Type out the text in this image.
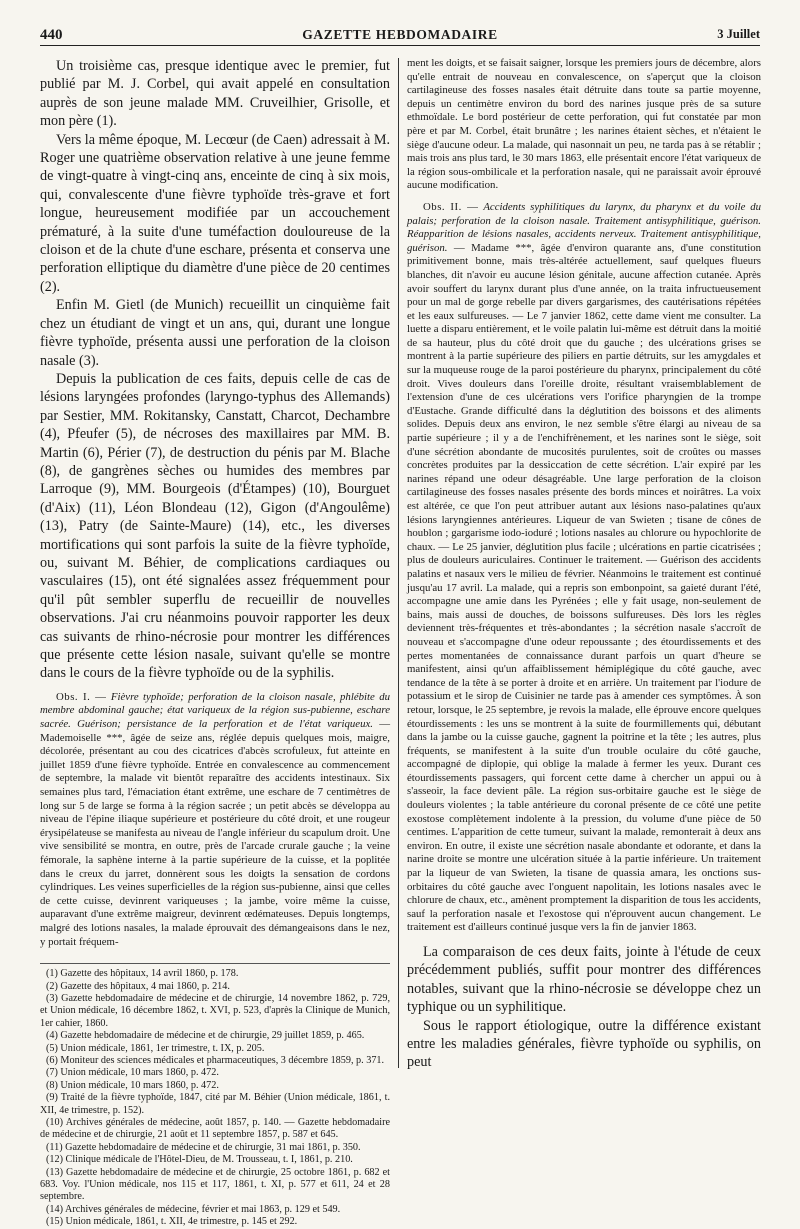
440	GAZETTE HEBDOMADAIRE	3 Juillet

Un troisième cas, presque identique avec le premier, fut publié par M. J. Corbel, qui avait appelé en consultation auprès de son jeune malade MM. Cruveilhier, Grisolle, et mon père (1).

Vers la même époque, M. Lecœur (de Caen) adressait à M. Roger une quatrième observation relative à une jeune femme de vingt-quatre à vingt-cinq ans, enceinte de cinq à six mois, qui, convalescente d'une fièvre typhoïde très-grave et fort longue, heureusement modifiée par un accouchement prématuré, à la suite d'une tuméfaction douloureuse de la cloison et de la chute d'une eschare, présenta et conserva une perforation elliptique du diamètre d'une pièce de 20 centimes (2).

Enfin M. Gietl (de Munich) recueillit un cinquième fait chez un étudiant de vingt et un ans, qui, durant une longue fièvre typhoïde, présenta aussi une perforation de la cloison nasale (3).

Depuis la publication de ces faits, depuis celle de cas de lésions laryngées profondes (laryngo-typhus des Allemands) par Sestier, MM. Rokitansky, Canstatt, Charcot, Dechambre (4), Pfeufer (5), de nécroses des maxillaires par MM. B. Martin (6), Périer (7), de destruction du pénis par M. Blache (8), de gangrènes sèches ou humides des membres par Larroque (9), MM. Bourgeois (d'Étampes) (10), Bourguet (d'Aix) (11), Léon Blondeau (12), Gigon (d'Angoulême) (13), Patry (de Sainte-Maure) (14), etc., les diverses mortifications qui sont parfois la suite de la fièvre typhoïde, ou, suivant M. Béhier, de complications cardiaques ou vasculaires (15), ont été signalées assez fréquemment pour qu'il pût sembler superflu de recueillir de nouvelles observations. J'ai cru néanmoins pouvoir rapporter les deux cas suivants de rhino-nécrosie pour montrer les différences que présente cette lésion nasale, suivant qu'elle se montre dans le cours de la fièvre typhoïde ou de la syphilis.

Obs. I. — Fièvre typhoïde; perforation de la cloison nasale, phlébite du membre abdominal gauche; état variqueux de la région sus-pubienne, eschare sacrée. Guérison; persistance de la perforation et de l'état variqueux. — Mademoiselle ***, âgée de seize ans, réglée depuis quelques mois, maigre, décolorée, présentant au cou des cicatrices d'abcès scrofuleux, fut atteinte en juillet 1859 d'une fièvre typhoïde. Entrée en convalescence au commencement de septembre, la malade vit bientôt reparaître des accidents intestinaux. Six semaines plus tard, l'émaciation étant extrême, une eschare de 7 centimètres de long sur 5 de large se forma à la région sacrée ; un petit abcès se développa au niveau de l'épine iliaque supérieure et postérieure du côté droit, et une rougeur érysipélateuse se manifesta au niveau de l'angle inférieur du scapulum droit. Une vive sensibilité se montra, en outre, près de l'arcade crurale gauche ; la veine fémorale, la saphène interne à la partie supérieure de la cuisse, et la poplitée dans le creux du jarret, donnèrent sous les doigts la sensation de cordons cylindriques. Les veines superficielles de la région sus-pubienne, ainsi que celles de cette cuisse, devinrent variqueuses ; la jambe, voire même la cuisse, auparavant d'une extrême maigreur, devinrent œdémateuses. Depuis longtemps, malgré des lotions nasales, la malade éprouvait des démangeaisons dans le nez, y portait fréquem-

(1) Gazette des hôpitaux, 14 avril 1860, p. 178.

(2) Gazette des hôpitaux, 4 mai 1860, p. 214.

(3) Gazette hebdomadaire de médecine et de chirurgie, 14 novembre 1862, p. 729, et Union médicale, 16 décembre 1862, t. XVI, p. 523, d'après la Clinique de Munich, 1er cahier, 1860.

(4) Gazette hebdomadaire de médecine et de chirurgie, 29 juillet 1859, p. 465.

(5) Union médicale, 1861, 1er trimestre, t. IX, p. 205.

(6) Moniteur des sciences médicales et pharmaceutiques, 3 décembre 1859, p. 371.

(7) Union médicale, 10 mars 1860, p. 472.

(8) Union médicale, 10 mars 1860, p. 472.

(9) Traité de la fièvre typhoïde, 1847, cité par M. Béhier (Union médicale, 1861, t. XII, 4e trimestre, p. 152).

(10) Archives générales de médecine, août 1857, p. 140. — Gazette hebdomadaire de médecine et de chirurgie, 21 août et 11 septembre 1857, p. 587 et 645.

(11) Gazette hebdomadaire de médecine et de chirurgie, 31 mai 1861, p. 350.

(12) Clinique médicale de l'Hôtel-Dieu, de M. Trousseau, t. I, 1861, p. 210.

(13) Gazette hebdomadaire de médecine et de chirurgie, 25 octobre 1861, p. 682 et 683. Voy. l'Union médicale, nos 115 et 117, 1861, t. XI, p. 577 et 611, 24 et 28 septembre.

(14) Archives générales de médecine, février et mai 1863, p. 129 et 549.

(15) Union médicale, 1861, t. XII, 4e trimestre, p. 145 et 292.

ment les doigts, et se faisait saigner, lorsque les premiers jours de décembre, alors qu'elle entrait de nouveau en convalescence, on s'aperçut que la cloison cartilagineuse des fosses nasales était détruite dans toute sa partie moyenne, depuis un centimètre environ du bord des narines jusque près de sa suture ethmoïdale. Le bord postérieur de cette perforation, qui fut constatée par mon père et par M. Corbel, était brunâtre ; les narines étaient sèches, et n'étaient le siège d'aucune odeur. La malade, qui nasonnait un peu, ne tarda pas à se rétablir ; mais trois ans plus tard, le 30 mars 1863, elle présentait encore l'état variqueux de la région sous-ombilicale et la perforation nasale, qui ne paraissait avoir éprouvé aucune modification.

Obs. II. — Accidents syphilitiques du larynx, du pharynx et du voile du palais; perforation de la cloison nasale. Traitement antisyphilitique, guérison. Réapparition de lésions nasales, accidents nerveux. Traitement antisyphilitique, guérison. — Madame ***, âgée d'environ quarante ans, d'une constitution primitivement bonne, mais très-altérée actuellement, sauf quelques flueurs blanches, dit n'avoir eu aucune lésion génitale, aucune affection cutanée. Après avoir souffert du larynx durant plus d'une année, on la traita infructueusement pour un mal de gorge rebelle par divers gargarismes, des cautérisations répétées et les eaux sulfureuses. — Le 7 janvier 1862, cette dame vient me consulter. La luette a disparu entièrement, et le voile palatin lui-même est détruit dans la moitié de sa hauteur, plus du côté droit que du gauche ; des ulcérations grises se montrent à la partie supérieure des piliers en partie détruits, sur les amygdales et sur la muqueuse rouge de la paroi postérieure du pharynx, principalement du côté droit. Vives douleurs dans l'oreille droite, résultant vraisemblablement de l'extension d'une de ces ulcérations vers l'orifice pharyngien de la trompe d'Eustache. Grande difficulté dans la déglutition des boissons et des aliments solides. Depuis deux ans environ, le nez semble s'être élargi au niveau de sa partie supérieure ; il y a de l'enchifrènement, et les narines sont le siège, soit d'une sécrétion abondante de mucosités purulentes, soit de croûtes ou masses concrètes produites par la dessiccation de cette sécrétion. L'air expiré par les narines répand une odeur désagréable. Une large perforation de la cloison cartilagineuse des fosses nasales présente des bords minces et noirâtres. La voix est altérée, ce que l'on peut attribuer autant aux lésions naso-palatines qu'aux lésions laryngiennes antérieures. Liqueur de van Swieten ; tisane de cônes de houblon ; gargarisme iodo-ioduré ; lotions nasales au chlorure ou hypochlorite de chaux. — Le 25 janvier, déglutition plus facile ; ulcérations en partie cicatrisées ; plus de douleurs auriculaires. Continuer le traitement. — Guérison des accidents palatins et nasaux vers le milieu de février. Néanmoins le traitement est continué jusqu'au 17 avril. La malade, qui a repris son embonpoint, sa gaieté durant l'été, accompagne une amie dans les Pyrénées ; elle y fait usage, non-seulement de bains, mais aussi de douches, de boissons sulfureuses. Dès lors les règles deviennent très-fréquentes et très-abondantes ; la sécrétion nasale s'accroît de nouveau et s'accompagne d'une odeur repoussante ; des étourdissements et des pertes momentanées de connaissance durant parfois un quart d'heure se manifestent, ainsi qu'un affaiblissement hémiplégique du côté gauche, avec tendance de la tête à se porter à droite et en arrière. Un traitement par l'iodure de potassium et le sirop de Cuisinier ne tarde pas à amender ces symptômes. À son retour, lorsque, le 25 septembre, je revois la malade, elle éprouve encore quelques étourdissements : les uns se montrent à la suite de fourmillements qui, débutant dans la jambe ou la cuisse gauche, gagnent la poitrine et la tête ; les autres, plus fréquents, se manifestent à la suite d'un trouble oculaire du côté gauche, accompagné de diplopie, qui oblige la malade à fermer les yeux. Durant ces étourdissements passagers, qui forcent cette dame à chercher un appui ou à s'asseoir, la face devient pâle. La région sus-orbitaire gauche est le siège de douleurs violentes ; la table antérieure du coronal présente de ce côté une petite exostose complètement indolente à la pression, du volume d'une pièce de 50 centimes. L'apparition de cette tumeur, suivant la malade, remonterait à deux ans environ. En outre, il existe une sécrétion nasale abondante et odorante, et dans la narine droite se montre une ulcération située à la partie inférieure. Un traitement par la liqueur de van Swieten, la tisane de quassia amara, les onctions sus-orbitaires du côté gauche avec l'onguent napolitain, les lotions nasales avec le chlorure de chaux, etc., amènent promptement la disparition de tous les accidents, sauf la perforation nasale et l'exostose qui n'éprouvent aucun changement. Le traitement est d'ailleurs continué jusque vers la fin de janvier 1863.

La comparaison de ces deux faits, jointe à l'étude de ceux précédemment publiés, suffit pour montrer des différences notables, suivant que la rhino-nécrosie se développe chez un typhique ou un syphilitique.

Sous le rapport étiologique, outre la différence existant entre les maladies générales, fièvre typhoïde ou syphilis, on peut
